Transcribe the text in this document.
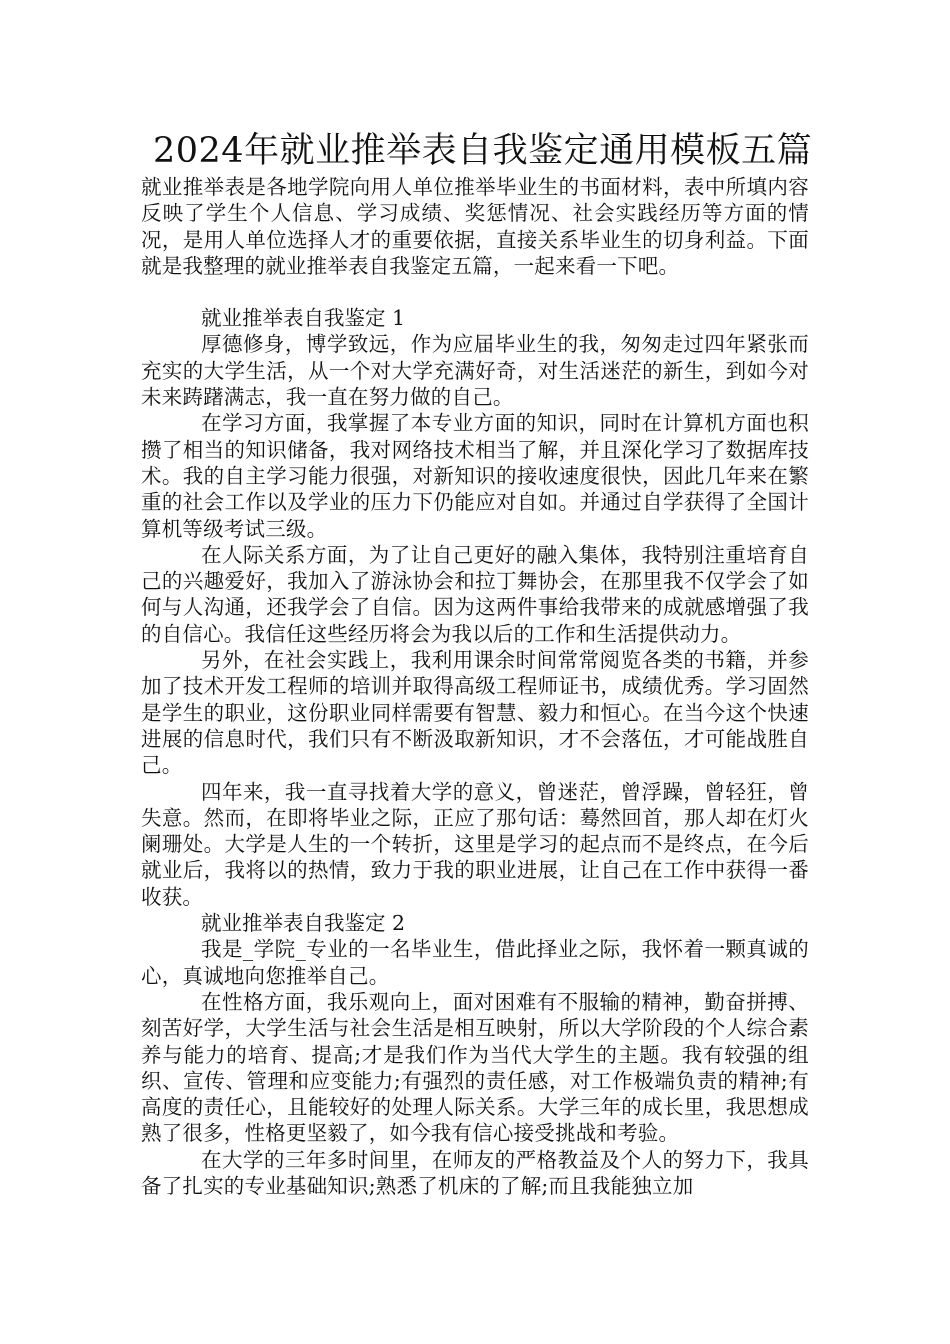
2024年就业推举表自我鉴定通用模板五篇

就业推举表是各地学院向用人单位推举毕业生的书面材料，表中所填内容反映了学生个人信息、学习成绩、奖惩情况、社会实践经历等方面的情况，是用人单位选择人才的重要依据，直接关系毕业生的切身利益。下面就是我整理的就业推举表自我鉴定五篇，一起来看一下吧。

就业推举表自我鉴定 1

厚德修身，博学致远，作为应届毕业生的我，匆匆走过四年紧张而充实的大学生活，从一个对大学充满好奇，对生活迷茫的新生，到如今对未来踌躇满志，我一直在努力做的自己。

在学习方面，我掌握了本专业方面的知识，同时在计算机方面也积攒了相当的知识储备，我对网络技术相当了解，并且深化学习了数据库技术。我的自主学习能力很强，对新知识的接收速度很快，因此几年来在繁重的社会工作以及学业的压力下仍能应对自如。并通过自学获得了全国计算机等级考试三级。

在人际关系方面，为了让自己更好的融入集体，我特别注重培育自己的兴趣爱好，我加入了游泳协会和拉丁舞协会，在那里我不仅学会了如何与人沟通，还我学会了自信。因为这两件事给我带来的成就感增强了我的自信心。我信任这些经历将会为我以后的工作和生活提供动力。

另外，在社会实践上，我利用课余时间常常阅览各类的书籍，并参加了技术开发工程师的培训并取得高级工程师证书，成绩优秀。学习固然是学生的职业，这份职业同样需要有智慧、毅力和恒心。在当今这个快速进展的信息时代，我们只有不断汲取新知识，才不会落伍，才可能战胜自己。

四年来，我一直寻找着大学的意义，曾迷茫，曾浮躁，曾轻狂，曾失意。然而，在即将毕业之际，正应了那句话：蓦然回首，那人却在灯火阑珊处。大学是人生的一个转折，这里是学习的起点而不是终点，在今后就业后，我将以的热情，致力于我的职业进展，让自己在工作中获得一番收获。

就业推举表自我鉴定 2

我是_学院_专业的一名毕业生，借此择业之际，我怀着一颗真诚的心，真诚地向您推举自己。

在性格方面，我乐观向上，面对困难有不服输的精神，勤奋拼搏、刻苦好学，大学生活与社会生活是相互映射，所以大学阶段的个人综合素养与能力的培育、提高;才是我们作为当代大学生的主题。我有较强的组织、宣传、管理和应变能力;有强烈的责任感，对工作极端负责的精神;有高度的责任心，且能较好的处理人际关系。大学三年的成长里，我思想成熟了很多，性格更坚毅了，如今我有信心接受挑战和考验。

在大学的三年多时间里，在师友的严格教益及个人的努力下，我具备了扎实的专业基础知识;熟悉了机床的了解;而且我能独立加
